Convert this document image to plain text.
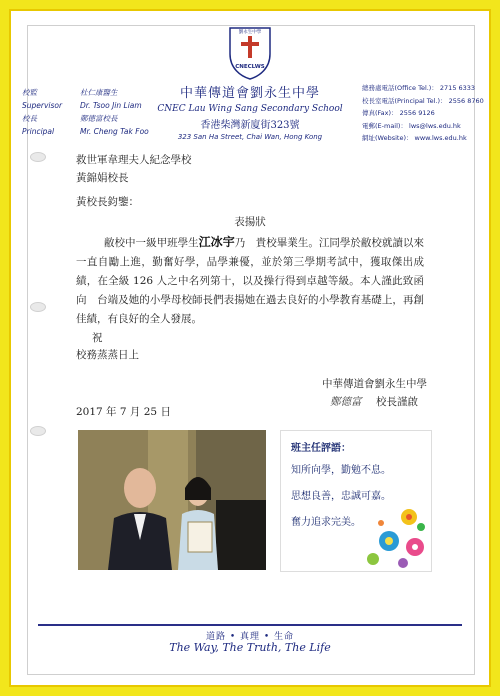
劉永生中學
CNECLWS
校監	杜仁康醫生
Supervisor	Dr. Tsoo Jin Liam
校長	鄭德富校長
Principal	Mr. Cheng Tak Foo
中華傳道會劉永生中學
CNEC Lau Wing Sang Secondary School
香港柴灣新廈街323號
323 San Ha Street, Chai Wan, Hong Kong
總務處電話(Office Tel.)： 2715 6333
校長室電話(Principal Tel.)： 2556 8760
傳真(Fax)： 2556 9126
電郵(E-mail)： lws@lws.edu.hk
網址(Website)： www.lws.edu.hk
救世軍韋理夫人紀念學校
黃錦娟校長
黃校長鈞鑒：
表揚狀
敝校中一級甲班學生江冰宇乃　貴校畢業生。江同學於敝校就讀以來一直自勵上進，勤奮好學，品學兼優，並於第三學期考試中，獲取傑出成績，在全級 126 人之中名列第十，以及操行得到卓越等級。本人謹此致函向　台端及她的小學母校師長們表揚她在過去良好的小學教育基礎上，再創佳績，有良好的全人發展。
祝
校務蒸蒸日上
中華傳道會劉永生中學
鄭德富 校長謹啟
2017 年 7 月 25 日
班主任評語：
知所向學，勤勉不息。
思想良善，忠誠可嘉。
奮力追求完美。
道路 • 真理 • 生命
The Way, The Truth, The Life
